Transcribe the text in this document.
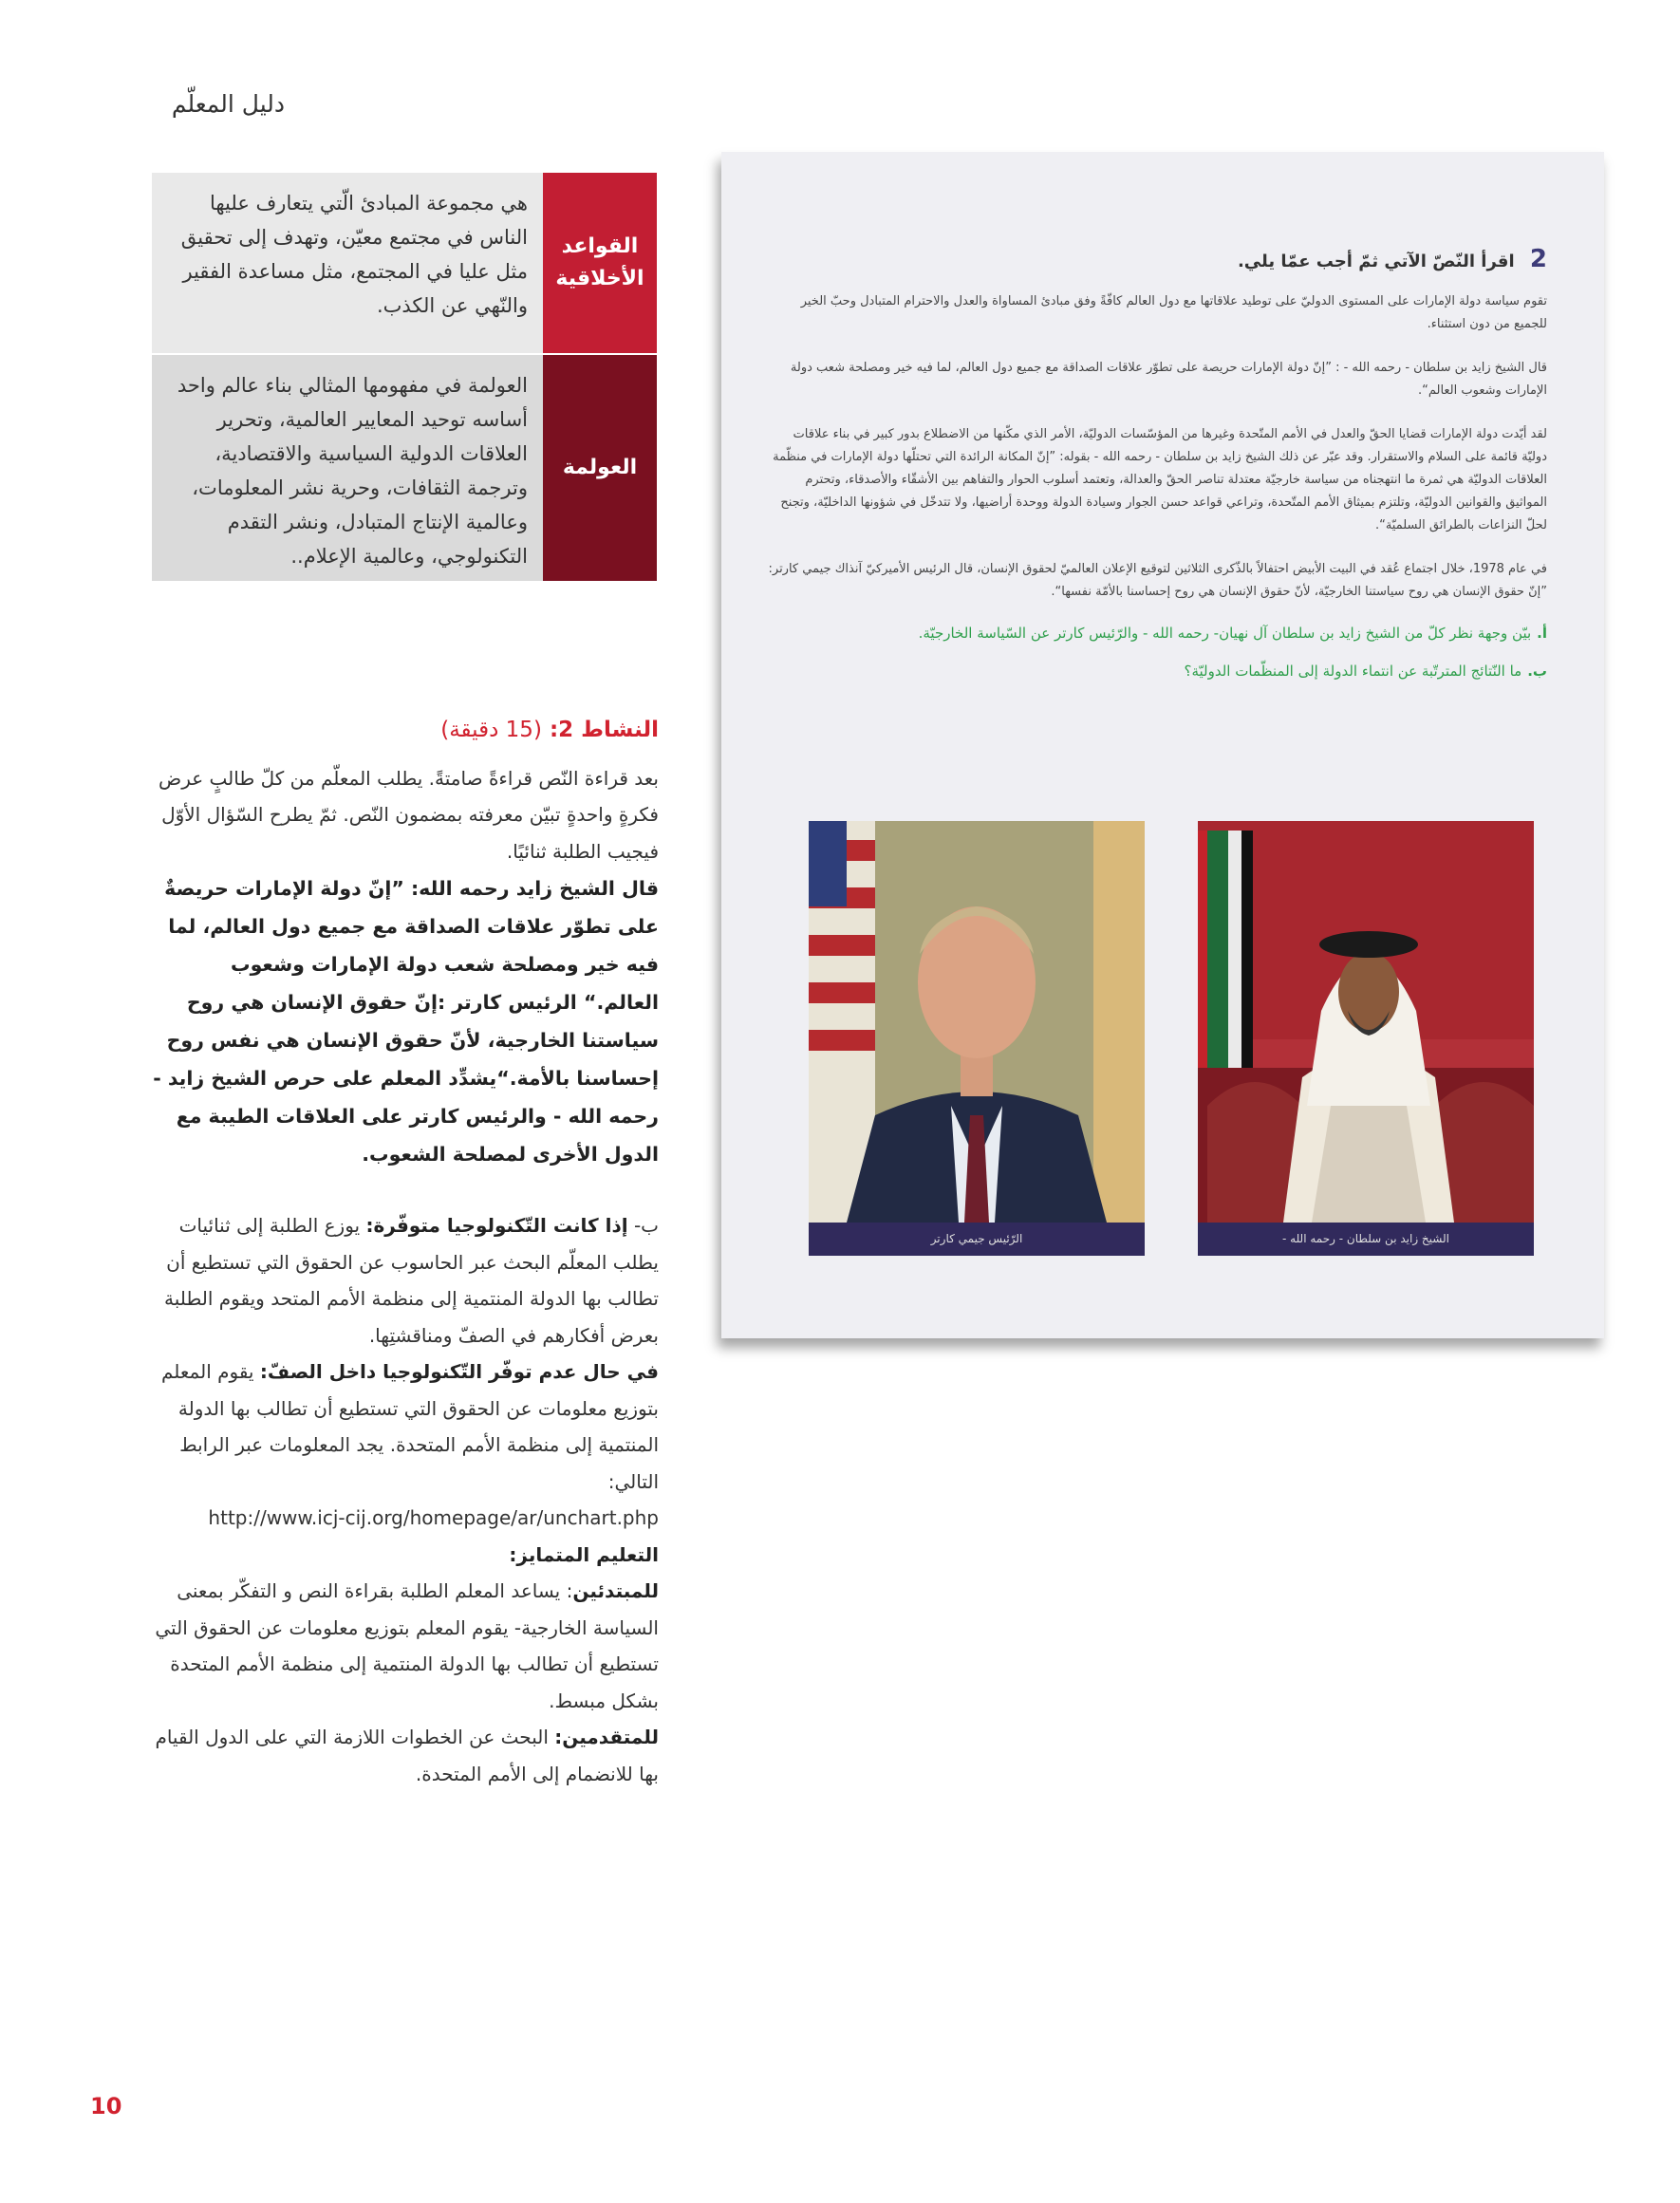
دليل المعلّم
القواعد الأخلاقية
هي مجموعة المبادئ الّتي يتعارف عليها الناس في مجتمع معيّن، وتهدف إلى تحقيق مثل عليا في المجتمع، مثل مساعدة الفقير والنّهي عن الكذب.
العولمة
العولمة في مفهومها المثالي بناء عالم واحد أساسه توحيد المعايير العالمية، وتحرير العلاقات الدولية السياسية والاقتصادية، وترجمة الثقافات، وحرية نشر المعلومات، وعالمية الإنتاج المتبادل، ونشر التقدم التكنولوجي، وعالمية الإعلام..

النشاط 2: (15 دقيقة)

بعد قراءة النّص قراءةً صامتةً. يطلب المعلّم من كلّ طالبٍ عرض فكرةٍ واحدةٍ تبيّن معرفته بمضمون النّص. ثمّ يطرح السّؤال الأوّل فيجيب الطلبة ثنائيًا.

قال الشيخ زايد رحمه الله: ”إنّ دولة الإمارات حريصةٌ على تطوّر علاقات الصداقة مع جميع دول العالم، لما فيه خير ومصلحة شعب دولة الإمارات وشعوب العالم.“ الرئيس كارتر :إنّ حقوق الإنسان هي روح سياستنا الخارجية، لأنّ حقوق الإنسان هي نفس روح إحساسنا بالأمة.“يشدِّد المعلم على حرص الشيخ زايد - رحمه الله - والرئيس كارتر على العلاقات الطيبة مع الدول الأخرى لمصلحة الشعوب.

ب- إذا كانت التّكنولوجيا متوفّرة: يوزع الطلبة إلى ثنائيات يطلب المعلّم البحث عبر الحاسوب عن الحقوق التي تستطيع أن تطالب بها الدولة المنتمية إلى منظمة الأمم المتحد ويقوم الطلبة بعرض أفكارهم في الصفّ ومناقشتِها.

في حال عدم توفّر التّكنولوجيا داخل الصفّ: يقوم المعلم بتوزيع معلومات عن الحقوق التي تستطيع أن تطالب بها الدولة المنتمية إلى منظمة الأمم المتحدة. يجد المعلومات عبر الرابط التالي:

http://www.icj-cij.org/homepage/ar/unchart.php

التعليم المتمايز:

للمبتدئين: يساعد المعلم الطلبة بقراءة النص و التفكّر بمعنى السياسة الخارجية- يقوم المعلم بتوزيع معلومات عن الحقوق التي تستطيع أن تطالب بها الدولة المنتمية إلى منظمة الأمم المتحدة بشكل مبسط.

للمتقدمين: البحث عن الخطوات اللازمة التي على الدول القيام بها للانضمام إلى الأمم المتحدة.

2 اقرأ النّصّ الآتي ثمّ أجب عمّا يلي.

تقوم سياسة دولة الإمارات على المستوى الدوليّ على توطيد علاقاتها مع دول العالم كافّةً وفق مبادئ المساواة والعدل والاحترام المتبادل وحبّ الخير للجميع من دون استثناء.

قال الشيخ زايد بن سلطان - رحمه الله - : ”إنّ دولة الإمارات حريصة على تطوّر علاقات الصداقة مع جميع دول العالم، لما فيه خير ومصلحة شعب دولة الإمارات وشعوب العالم“.

لقد أيّدت دولة الإمارات قضايا الحقّ والعدل في الأمم المتّحدة وغيرها من المؤسّسات الدوليّة، الأمر الذي مكّنها من الاضطلاع بدور كبير في بناء علاقات دوليّة قائمة على السلام والاستقرار. وقد عبّر عن ذلك الشيخ زايد بن سلطان - رحمه الله - بقوله: ”إنّ المكانة الرائدة التي تحتلّها دولة الإمارات في منظّمة العلاقات الدوليّة هي ثمرة ما انتهجناه من سياسة خارجيّة معتدلة تناصر الحقّ والعدالة، وتعتمد أسلوب الحوار والتفاهم بين الأشقّاء والأصدقاء، وتحترم المواثيق والقوانين الدوليّة، وتلتزم بميثاق الأمم المتّحدة، وتراعي قواعد حسن الجوار وسيادة الدولة ووحدة أراضيها، ولا تتدخّل في شؤونها الداخليّة، وتجنح لحلّ النزاعات بالطرائق السلميّة“.

في عام 1978، خلال اجتماع عُقد في البيت الأبيض احتفالاً بالذّكرى الثلاثين لتوقيع الإعلان العالميّ لحقوق الإنسان، قال الرئيس الأميركيّ آنذاك جيمي كارتر: ”إنّ حقوق الإنسان هي روح سياستنا الخارجيّة، لأنّ حقوق الإنسان هي روح إحساسنا بالأمّة نفسها“.

أ.بيّن وجهة نظر كلّ من الشيخ زايد بن سلطان آل نهيان- رحمه الله - والرّئيس كارتر عن السّياسة الخارجيّة.

ب.ما النّتائج المترتّبة عن انتماء الدولة إلى المنظّمات الدوليّة؟

الشيخ زايد بن سلطان - رحمه الله -
الرّئيس جيمي كارتر
10
